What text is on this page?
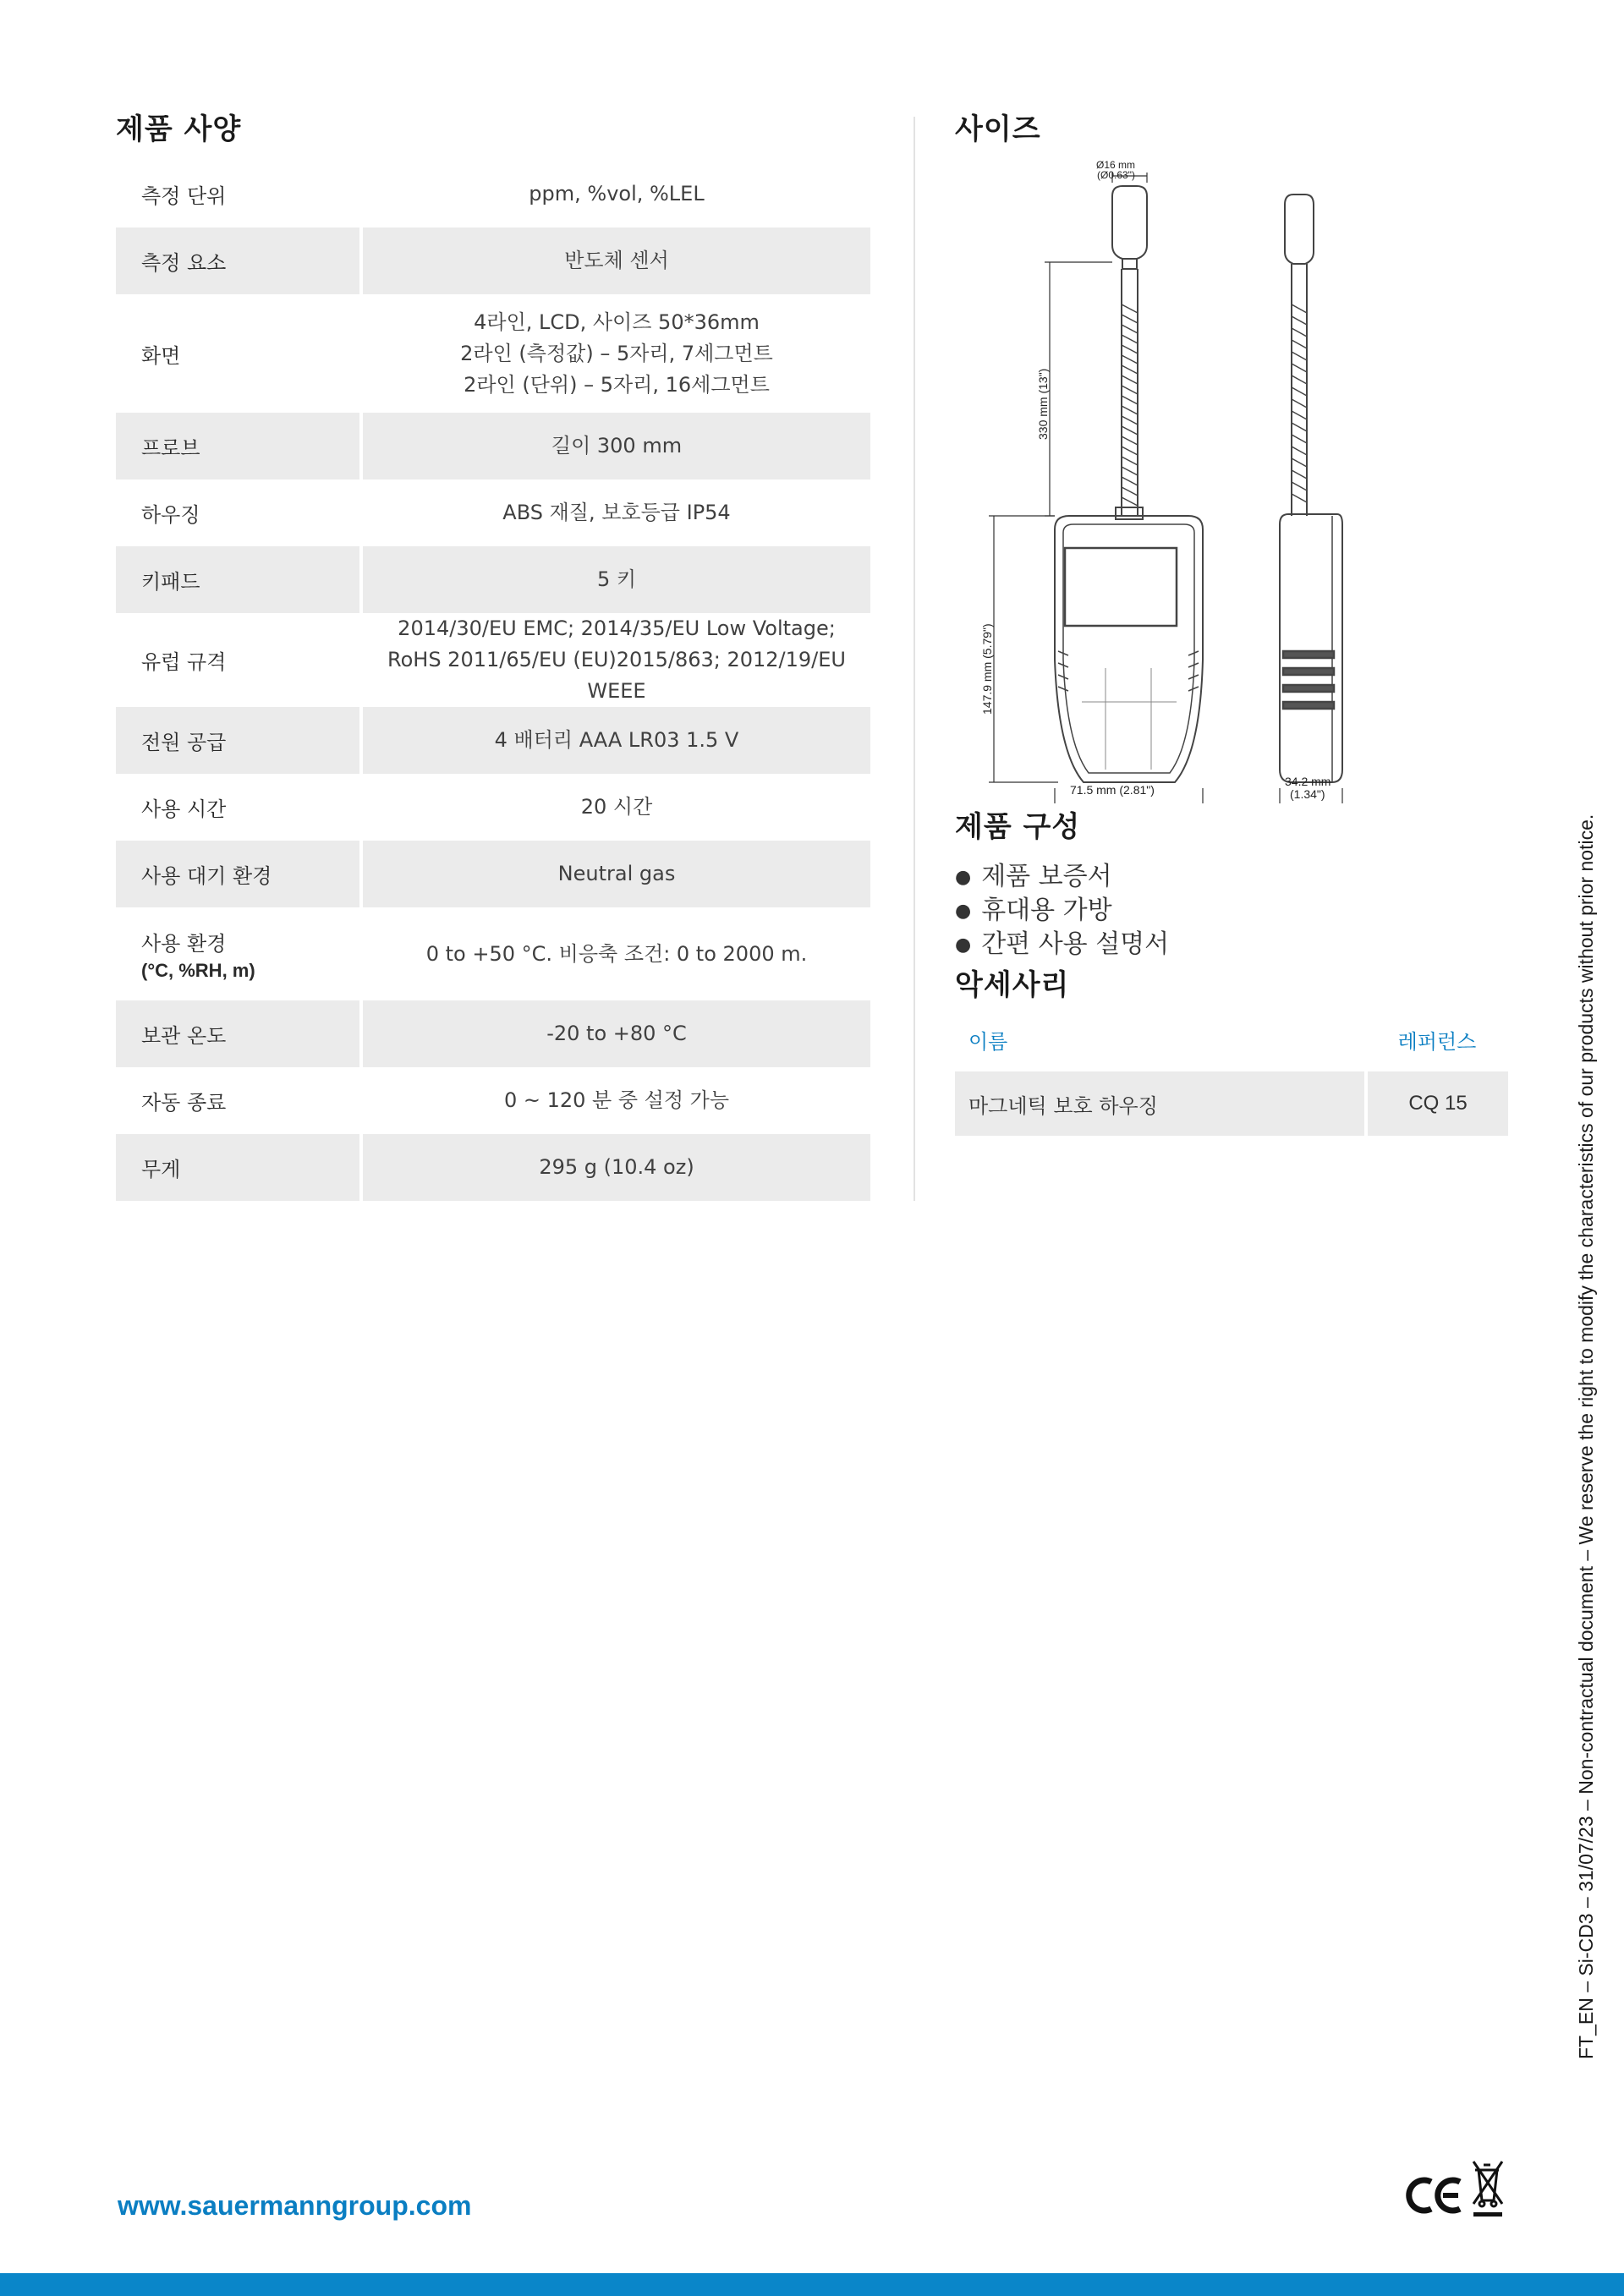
제품 사양
측정 단위	ppm, %vol, %LEL

측정 요소	반도체 센서

화면	4라인, LCD, 사이즈 50*36mm
2라인 (측정값) – 5자리, 7세그먼트
2라인 (단위) – 5자리, 16세그먼트

프로브	길이 300 mm

하우징	ABS 재질, 보호등급 IP54

키패드	5 키

유럽 규격	2014/30/EU EMC; 2014/35/EU Low Voltage;
RoHS 2011/65/EU (EU)2015/863; 2012/19/EU WEEE

전원 공급	4 배터리 AAA LR03 1.5 V

사용 시간	20 시간

사용 대기 환경	Neutral gas

사용 환경
(°C, %RH, m)	0 to +50 °C. 비응축 조건: 0 to 2000 m.

보관 온도	-20 to +80 °C

자동 종료	0 ~ 120 분 중 설정 가능

무게	295 g (10.4 oz)
사이즈
Ø16 mm
(Ø0.63")
330 mm (13")
147.9 mm (5.79")
71.5 mm (2.81")
34.2 mm
(1.34")
제품 구성
● 제품 보증서
● 휴대용 가방
● 간편 사용 설명서
악세사리
이름	레퍼런스
마그네틱 보호 하우징	CQ 15	FT_EN – Si-CD3 – 31/07/23 – Non-contractual document – We reserve the right to modify the characteristics of our products without prior notice.
www.sauermanngroup.com
